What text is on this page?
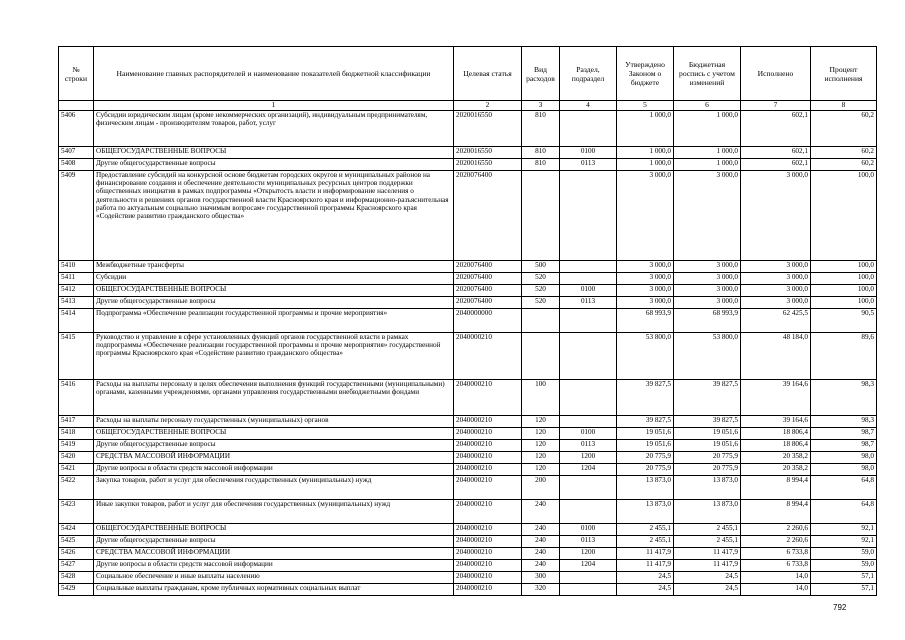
№ строки	Наименование главных распорядителей и наименование показателей бюджетной классификации	Целевая статья	Вид расходов	Раздел, подраздел	Утверждено Законом о бюджете	Бюджетная роспись с учетом изменений	Исполнено	Процент исполнения
	1	2	3	4	5	6	7	8
5406	Субсидии юридическим лицам (кроме некоммерческих организаций), индивидуальным предпринимателям, физическим лицам - производителям товаров, работ, услуг	2020016550	810		1 000,0	1 000,0	602,1	60,2
5407	ОБЩЕГОСУДАРСТВЕННЫЕ ВОПРОСЫ	2020016550	810	0100	1 000,0	1 000,0	602,1	60,2
5408	Другие общегосударственные вопросы	2020016550	810	0113	1 000,0	1 000,0	602,1	60,2
5409	Предоставление субсидий на конкурсной основе бюджетам городских округов и муниципальных районов на финансирование создания и обеспечение деятельности муниципальных ресурсных центров поддержки общественных инициатив в рамках подпрограммы «Открытость власти и информирование населения о деятельности и решениях органов государственной власти Красноярского края и информационно-разъяснительная работа по актуальным социально значимым вопросам» государственной программы Красноярского края «Содействие развитию гражданского общества»	2020076400			3 000,0	3 000,0	3 000,0	100,0
5410	Межбюджетные трансферты	2020076400	500		3 000,0	3 000,0	3 000,0	100,0
5411	Субсидии	2020076400	520		3 000,0	3 000,0	3 000,0	100,0
5412	ОБЩЕГОСУДАРСТВЕННЫЕ ВОПРОСЫ	2020076400	520	0100	3 000,0	3 000,0	3 000,0	100,0
5413	Другие общегосударственные вопросы	2020076400	520	0113	3 000,0	3 000,0	3 000,0	100,0
5414	Подпрограмма «Обеспечение реализации государственной программы и прочие мероприятия»	2040000000			68 993,9	68 993,9	62 425,5	90,5
5415	Руководство и управление в сфере установленных функций органов государственной власти в рамках подпрограммы «Обеспечение реализации государственной программы и прочие мероприятия» государственной программы Красноярского края «Содействие развитию гражданского общества»	2040000210			53 800,0	53 800,0	48 184,0	89,6
5416	Расходы на выплаты персоналу в целях обеспечения выполнения функций государственными (муниципальными) органами, казенными учреждениями, органами управления государственными внебюджетными фондами	2040000210	100		39 827,5	39 827,5	39 164,6	98,3
5417	Расходы на выплаты персоналу государственных (муниципальных) органов	2040000210	120		39 827,5	39 827,5	39 164,6	98,3
5418	ОБЩЕГОСУДАРСТВЕННЫЕ ВОПРОСЫ	2040000210	120	0100	19 051,6	19 051,6	18 806,4	98,7
5419	Другие общегосударственные вопросы	2040000210	120	0113	19 051,6	19 051,6	18 806,4	98,7
5420	СРЕДСТВА МАССОВОЙ ИНФОРМАЦИИ	2040000210	120	1200	20 775,9	20 775,9	20 358,2	98,0
5421	Другие вопросы в области средств массовой информации	2040000210	120	1204	20 775,9	20 775,9	20 358,2	98,0
5422	Закупка товаров, работ и услуг для обеспечения государственных (муниципальных) нужд	2040000210	200		13 873,0	13 873,0	8 994,4	64,8
5423	Иные закупки товаров, работ и услуг для обеспечения государственных (муниципальных) нужд	2040000210	240		13 873,0	13 873,0	8 994,4	64,8
5424	ОБЩЕГОСУДАРСТВЕННЫЕ ВОПРОСЫ	2040000210	240	0100	2 455,1	2 455,1	2 260,6	92,1
5425	Другие общегосударственные вопросы	2040000210	240	0113	2 455,1	2 455,1	2 260,6	92,1
5426	СРЕДСТВА МАССОВОЙ ИНФОРМАЦИИ	2040000210	240	1200	11 417,9	11 417,9	6 733,8	59,0
5427	Другие вопросы в области средств массовой информации	2040000210	240	1204	11 417,9	11 417,9	6 733,8	59,0
5428	Социальное обеспечение и иные выплаты населению	2040000210	300		24,5	24,5	14,0	57,1
5429	Социальные выплаты гражданам, кроме публичных нормативных социальных выплат	2040000210	320		24,5	24,5	14,0	57,1
792
